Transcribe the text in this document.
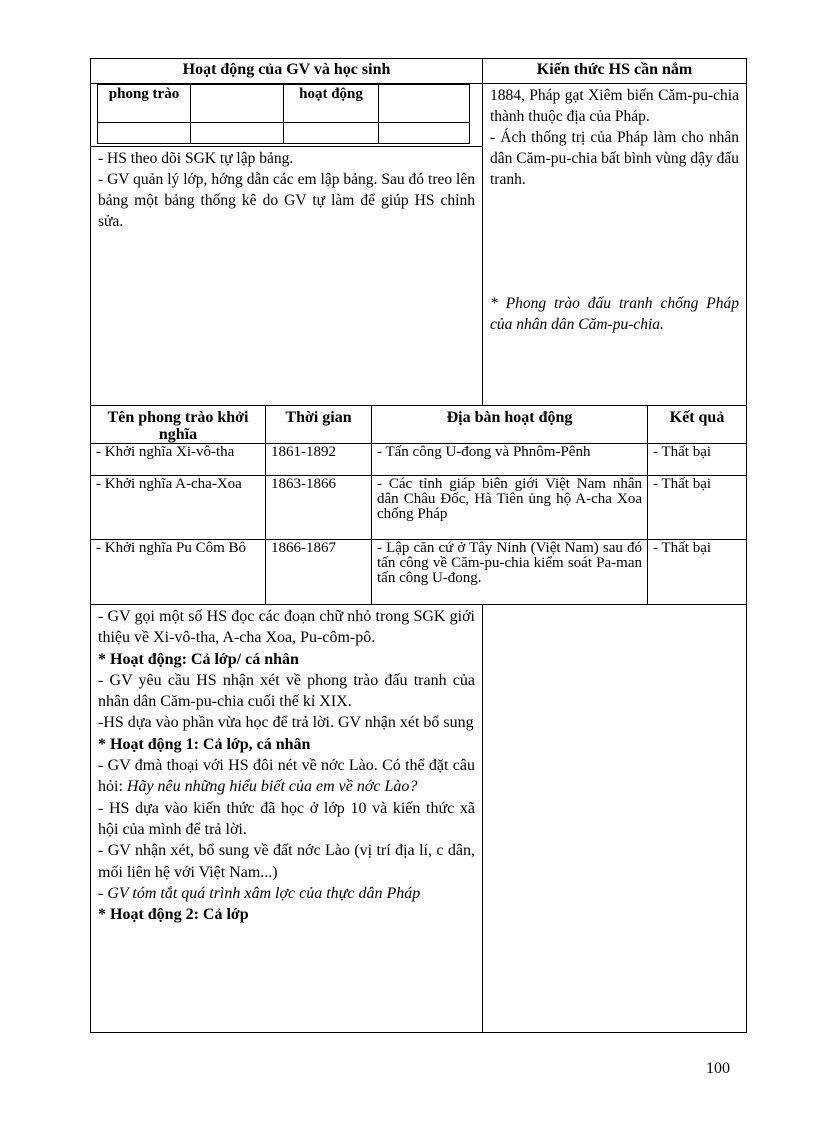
Hoạt động của GV và học sinh	Kiến thức HS cần nắm

phong trào		hoạt động	

- HS theo dõi SGK tự lập bảng.

- GV quản lý lớp, hớng dẫn các em lập bảng. Sau đó treo lên bảng một bảng thống kê do GV tự làm để giúp HS chỉnh sửa.

1884, Pháp gạt Xiêm biến Căm-pu-chia thành thuộc địa của Pháp.

- Ách thống trị của Pháp làm cho nhân dân Căm-pu-chia bất bình vùng dậy đấu tranh.

* Phong trào đấu tranh chống Pháp của nhân dân Căm-pu-chia.

Tên phong trào khởi nghĩa	Thời gian	Địa bàn hoạt động	Kết quả
- Khởi nghĩa Xi-vô-tha	1861-1892	- Tấn công U-đong và Phnôm-Pênh	- Thất bại
- Khởi nghĩa A-cha-Xoa	1863-1866	- Các tỉnh giáp biên giới Việt Nam nhân dân Châu Đốc, Hà Tiên ủng hộ A-cha Xoa chống Pháp	- Thất bại
- Khởi nghĩa Pu Côm Bô	1866-1867	- Lập căn cứ ở Tây Ninh (Việt Nam) sau đó tấn công về Căm-pu-chia kiểm soát Pa-man tấn công U-đong.	- Thất bại

- GV gọi một số HS đọc các đoạn chữ nhỏ trong SGK giới thiệu về Xi-vô-tha, A-cha Xoa, Pu-côm-pô.

* Hoạt động: Cả lớp/ cá nhân

- GV yêu cầu HS nhận xét về phong trào đấu tranh của nhân dân Căm-pu-chia cuối thế kỉ XIX.

-HS dựa vào phần vừa học để trả lời. GV nhận xét bổ sung

* Hoạt động 1: Cả lớp, cá nhân

- GV đmà thoại với HS đôi nét về nớc Lào. Có thể đặt câu hỏi: Hãy nêu những hiểu biết của em về nớc Lào?

- HS dựa vào kiến thức đã học ở lớp 10 và kiến thức xã hội của mình để trả lời.

- GV nhận xét, bổ sung về đất nớc Lào (vị trí địa lí, c dân, mối liên hệ với Việt Nam...)

- GV tóm tắt quá trình xâm lợc của thực dân Pháp

* Hoạt động 2: Cả lớp

100
